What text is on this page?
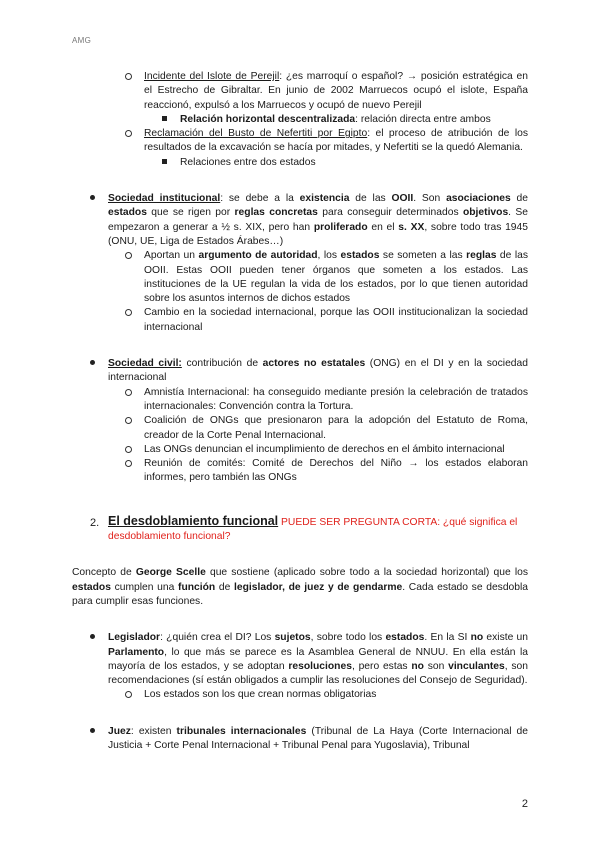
AMG

Incidente del Islote de Perejil: ¿es marroquí o español? → posición estratégica en el Estrecho de Gibraltar. En junio de 2002 Marruecos ocupó el islote, España reaccionó, expulsó a los Marruecos y ocupó de nuevo Perejil

Relación horizontal descentralizada: relación directa entre ambos

Reclamación del Busto de Nefertiti por Egipto: el proceso de atribución de los resultados de la excavación se hacía por mitades, y Nefertiti se la quedó Alemania.

Relaciones entre dos estados

Sociedad institucional: se debe a la existencia de las OOII. Son asociaciones de estados que se rigen por reglas concretas para conseguir determinados objetivos. Se empezaron a generar a ½ s. XIX, pero han proliferado en el s. XX, sobre todo tras 1945 (ONU, UE, Liga de Estados Árabes…)

Aportan un argumento de autoridad, los estados se someten a las reglas de las OOII. Estas OOII pueden tener órganos que someten a los estados. Las instituciones de la UE regulan la vida de los estados, por lo que tienen autoridad sobre los asuntos internos de dichos estados

Cambio en la sociedad internacional, porque las OOII institucionalizan la sociedad internacional

Sociedad civil: contribución de actores no estatales (ONG) en el DI y en la sociedad internacional

Amnistía Internacional: ha conseguido mediante presión la celebración de tratados internacionales: Convención contra la Tortura.

Coalición de ONGs que presionaron para la adopción del Estatuto de Roma, creador de la Corte Penal Internacional.

Las ONGs denuncian el incumplimiento de derechos en el ámbito internacional

Reunión de comités: Comité de Derechos del Niño → los estados elaboran informes, pero también las ONGs

2. El desdoblamiento funcional PUEDE SER PREGUNTA CORTA: ¿qué significa el desdoblamiento funcional?

Concepto de George Scelle que sostiene (aplicado sobre todo a la sociedad horizontal) que los estados cumplen una función de legislador, de juez y de gendarme. Cada estado se desdobla para cumplir esas funciones.

Legislador: ¿quién crea el DI? Los sujetos, sobre todo los estados. En la SI no existe un Parlamento, lo que más se parece es la Asamblea General de NNUU. En ella están la mayoría de los estados, y se adoptan resoluciones, pero estas no son vinculantes, son recomendaciones (sí están obligados a cumplir las resoluciones del Consejo de Seguridad).

Los estados son los que crean normas obligatorias

Juez: existen tribunales internacionales (Tribunal de La Haya (Corte Internacional de Justicia + Corte Penal Internacional + Tribunal Penal para Yugoslavia), Tribunal

2
